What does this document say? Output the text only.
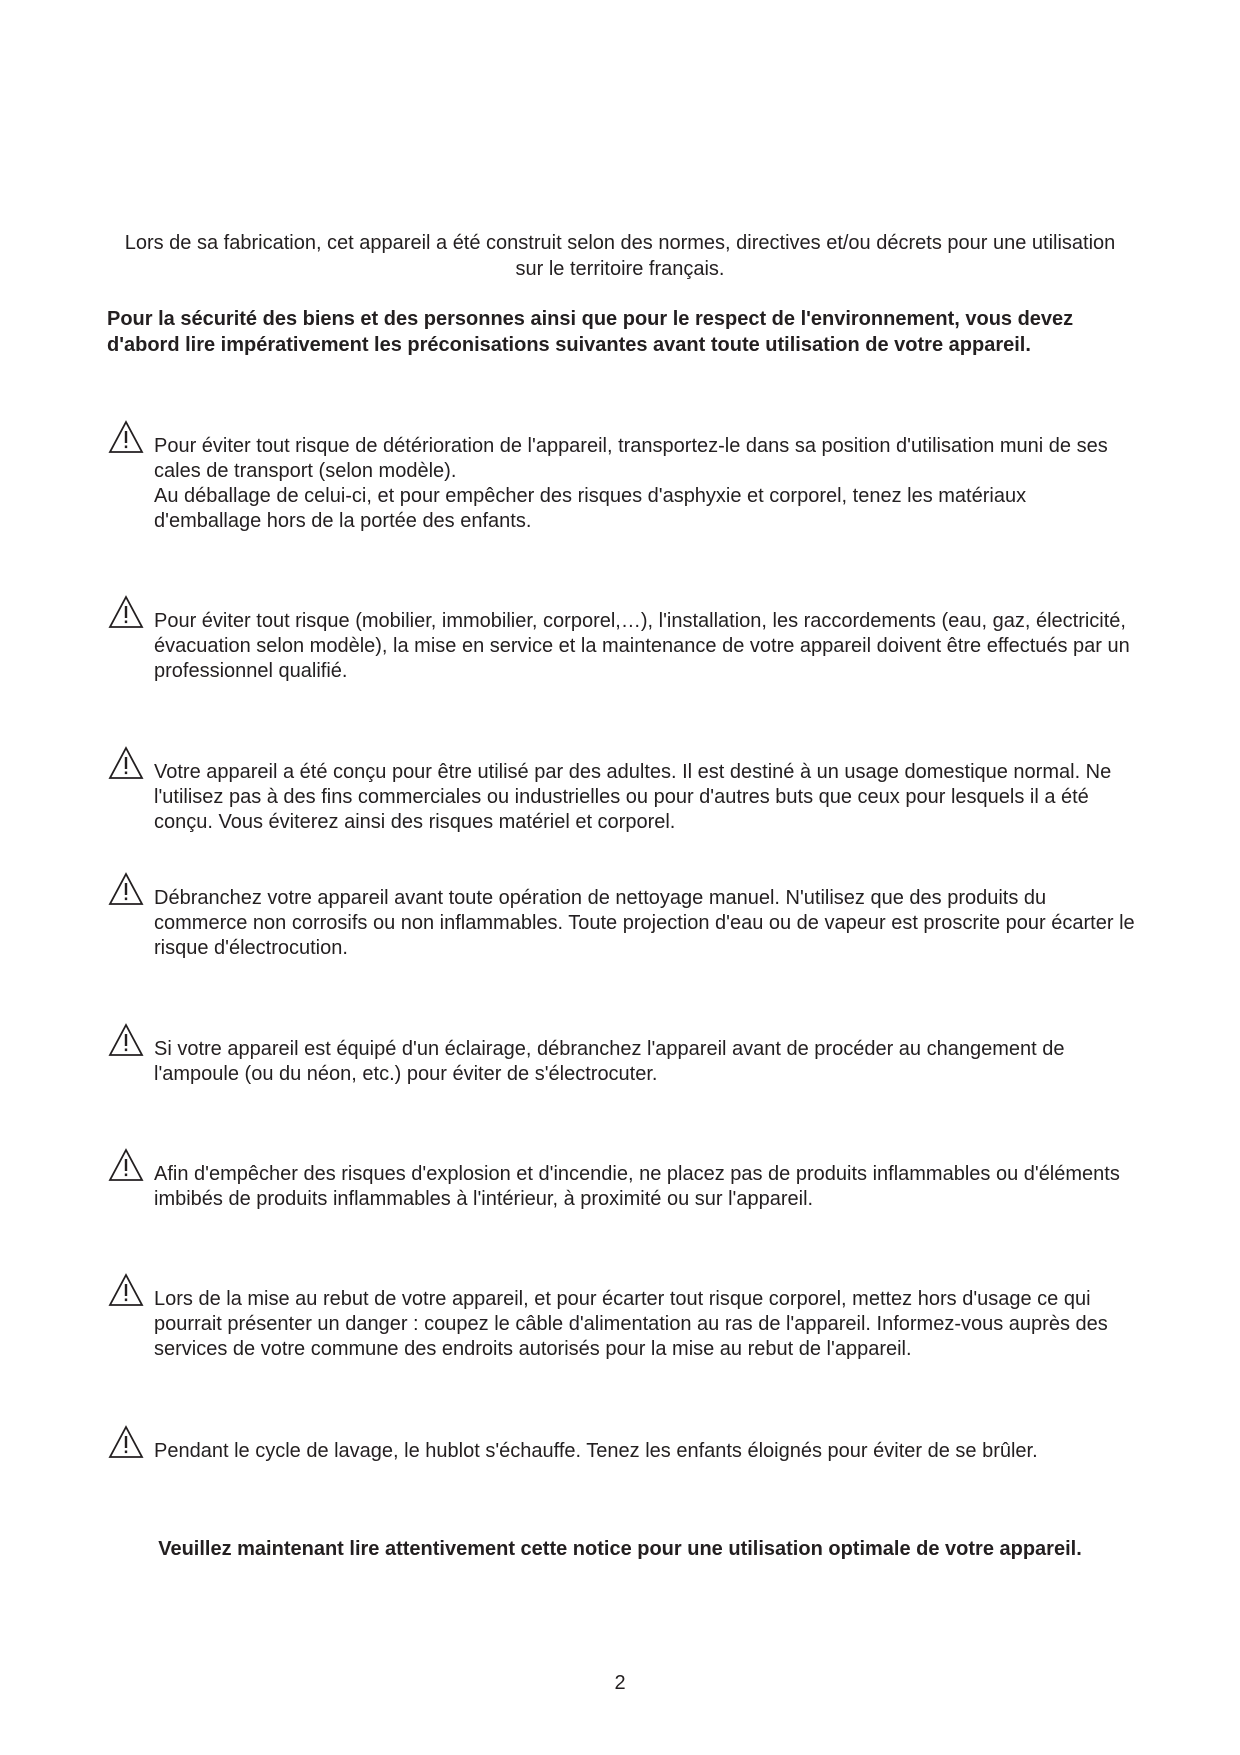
Lors de sa fabrication, cet appareil a été construit selon des normes, directives et/ou décrets pour une utilisation sur le territoire français.

Pour la sécurité des biens et des personnes ainsi que pour le respect de l'environnement, vous devez d'abord lire impérativement les préconisations suivantes avant toute utilisation de votre appareil.

Pour éviter tout risque de détérioration de l'appareil, transportez-le dans sa position d'utilisation muni de ses cales de transport (selon modèle).

Au déballage de celui-ci, et pour empêcher des risques d'asphyxie et corporel, tenez les matériaux d'emballage hors de la portée des enfants.

Pour éviter tout risque (mobilier, immobilier, corporel,…), l'installation, les raccordements (eau, gaz, électricité, évacuation selon modèle), la mise en service et la maintenance de votre appareil doivent être effectués par un professionnel qualifié.

Votre appareil a été conçu pour être utilisé par des adultes. Il est destiné à un usage domestique normal. Ne l'utilisez pas à des fins commerciales ou industrielles ou pour d'autres buts que ceux pour lesquels il a été conçu. Vous éviterez ainsi des risques matériel et corporel.

Débranchez votre appareil avant toute opération de nettoyage manuel. N'utilisez que des produits du commerce non corrosifs ou non inflammables. Toute projection d'eau ou de vapeur est proscrite pour écarter le risque d'électrocution.

Si votre appareil est équipé d'un éclairage, débranchez l'appareil avant de procéder au changement de l'ampoule (ou du néon, etc.) pour éviter de s'électrocuter.

Afin d'empêcher des risques d'explosion et d'incendie, ne placez pas de produits inflammables ou d'éléments imbibés de produits inflammables à l'intérieur, à proximité ou sur l'appareil.

Lors de la mise au rebut de votre appareil, et pour écarter tout risque corporel, mettez hors d'usage ce qui pourrait présenter un danger : coupez le câble d'alimentation au ras de l'appareil. Informez-vous auprès des services de votre commune des endroits autorisés pour la mise au rebut de l'appareil.

Pendant le cycle de lavage, le hublot s'échauffe. Tenez les enfants éloignés pour éviter de se brûler.

Veuillez maintenant lire attentivement cette notice pour une utilisation optimale de votre appareil.

2
